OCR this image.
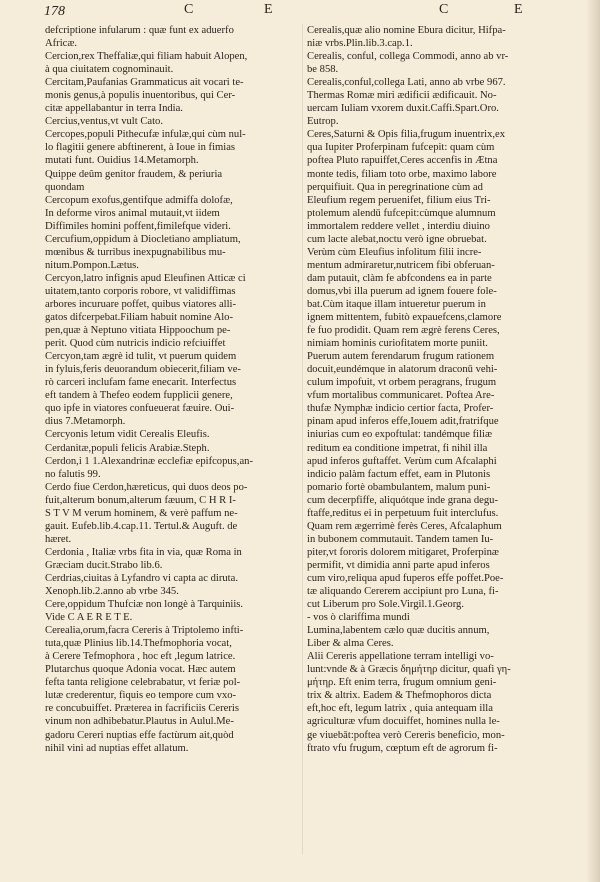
178	C	E	C	E
defcriptione infularum : quæ funt ex aduerfo
Africæ.
Cercion,rex Theffaliæ,qui filiam habuit Alopen,
à qua ciuitatem cognominauit.
Cercitam,Paufanias Grammaticus ait vocari te-
monis genus,à populis inuentoribus, qui Cer-
citæ appellabantur in terra India.
Cercius,ventus,vt vult Cato.
Cercopes,populi Pithecufæ infulæ,qui cùm nul-
lo flagitii genere abftinerent, à Ioue in fimias
mutati funt. Ouidius 14.Metamorph.
Quippe deûm genitor fraudem, & periuria
quondam
Cercopum exofus,gentifque admiffa dolofæ,
In deforme viros animal mutauit,vt iidem
Diffimiles homini poffent,fimilefque videri.
Cercufium,oppidum à Diocletiano ampliatum,
mœnibus & turribus inexpugnabilibus mu-
nitum.Pompon.Lætus.
Cercyon,latro infignis apud Eleufinen Atticæ ci
uitatem,tanto corporis robore, vt validiffimas
arbores incuruare poffet, quibus viatores alli-
gatos difcerpebat.Filiam habuit nomine Alo-
pen,quæ à Neptuno vitiata Hippoochum pe-
perit. Quod cùm nutricis indicio refciuiffet
Cercyon,tam ægrè id tulit, vt puerum quidem
in fyluis,feris deuorandum obiecerit,filiam ve-
rò carceri inclufam fame enecarit. Interfectus
eft tandem à Thefeo eodem fupplicii genere,
quo ipfe in viatores confueuerat fæuire. Oui-
dius 7.Metamorph.
Cercyonis letum vidit Cerealis Eleufis.
Cerdanitæ,populi felicis Arabiæ.Steph.
Cerdon,i 1 1.Alexandrinæ ecclefiæ epifcopus,an-
no falutis 99.
Cerdo fiue Cerdon,hæreticus, qui duos deos po-
fuit,alterum bonum,alterum fæuum, C H R I-
S T V M verum hominem, & verè paffum ne-
gauit. Eufeb.lib.4.cap.11. Tertul.& Auguft. de
hæret.
Cerdonia , Italiæ vrbs fita in via, quæ Roma in
Græciam ducit.Strabo lib.6.
Cerdrias,ciuitas à Lyfandro vi capta ac diruta.
Xenoph.lib.2.anno ab vrbe 345.
Cere,oppidum Thufciæ non longè à Tarquiniis.
Vide C A E R E T E.
Cerealia,orum,facra Cereris à Triptolemo infti-
tuta,quæ Plinius lib.14.Thefmophoria vocat,
à Cerere Tefmophora , hoc eft ,legum latrice.
Plutarchus quoque Adonia vocat. Hæc autem
fefta tanta religione celebrabatur, vt feriæ pol-
lutæ crederentur, fiquis eo tempore cum vxo-
re concubuiffet. Præterea in facrificiis Cereris
vinum non adhibebatur.Plautus in Aulul.Me-
gadoru Cereri nuptias effe factùrum ait,quòd
nihil vini ad nuptias effet allatum.
Cerealis,quæ alio nomine Ebura dicitur, Hifpa-
niæ vrbs.Plin.lib.3.cap.1.
Cerealis, conful, collega Commodi, anno ab vr-
be 858.
Cerealis,conful,collega Lati, anno ab vrbe 967.
Thermas Romæ miri ædificii ædificauit. No-
uercam Iuliam vxorem duxit.Caffi.Spart.Oro.
Eutrop.
Ceres,Saturni & Opis filia,frugum inuentrix,ex
qua Iupiter Proferpinam fufcepit: quam cùm
poftea Pluto rapuiffet,Ceres accenfis in Ætna
monte tedis, filiam toto orbe, maximo labore
perquifiuit. Qua in peregrinatione cùm ad
Eleufium regem peruenifet, filium eius Tri-
ptolemum alendū fufcepit:cùmque alumnum
immortalem reddere vellet , interdiu diuino
cum lacte alebat,noctu verò igne obruebat.
Verùm cùm Eleufius infolitum filii incre-
mentum admiraretur,nutricem fibi obferuan-
dam putauit, clàm fe abfcondens ea in parte
domus,vbi illa puerum ad ignem fouere fole-
bat.Cùm itaque illam intueretur puerum in
ignem mittentem, fubitò expauefcens,clamore
fe fuo prodidit. Quam rem ægrè ferens Ceres,
nimiam hominis curiofitatem morte puniit.
Puerum autem ferendarum frugum rationem
docuit,eundémque in alatorum draconū vehi-
culum impofuit, vt orbem peragrans, frugum
vfum mortalibus communicaret. Poftea Are-
thufæ Nymphæ indicio certior facta, Profer-
pinam apud inferos effe,Iouem adit,fratrifque
iniurias cum eo expoftulat: tandémque filiæ
reditum ea conditione impetrat, fi nihil illa
apud inferos guftaffet. Verùm cum Afcalaphi
indicio palàm factum effet, eam in Plutonis
pomario fortè obambulantem, malum puni-
cum decerpfiffe, aliquótque inde grana degu-
ftaffe,reditus ei in perpetuum fuit interclufus.
Quam rem ægerrimè ferès Ceres, Afcalaphum
in bubonem commutauit. Tandem tamen Iu-
piter,vt fororis dolorem mitigaret, Proferpinæ
permifit, vt dimidia anni parte apud inferos
cum viro,reliqua apud fuperos effe poffet.Poe-
tæ aliquando Cererem accipiunt pro Luna, fi-
cut Liberum pro Sole.Virgil.1.Georg.
- vos ò clariffima mundi
Lumina,labentem cælo quæ ducitis annum,
Liber & alma Ceres.
Alii Cereris appellatione terram intelligi vo-
lunt:vnde & à Græcis δημήτηρ dicitur, quafi γη-
μήτηρ. Eft enim terra, frugum omnium geni-
trix & altrix. Eadem & Thefmophoros dicta
eft,hoc eft, legum latrix , quia antequam illa
agriculturæ vfum docuiffet, homines nulla le-
ge viuebāt:poftea verò Cereris beneficio, mon-
ftrato vfu frugum, cœptum eft de agrorum fi-
